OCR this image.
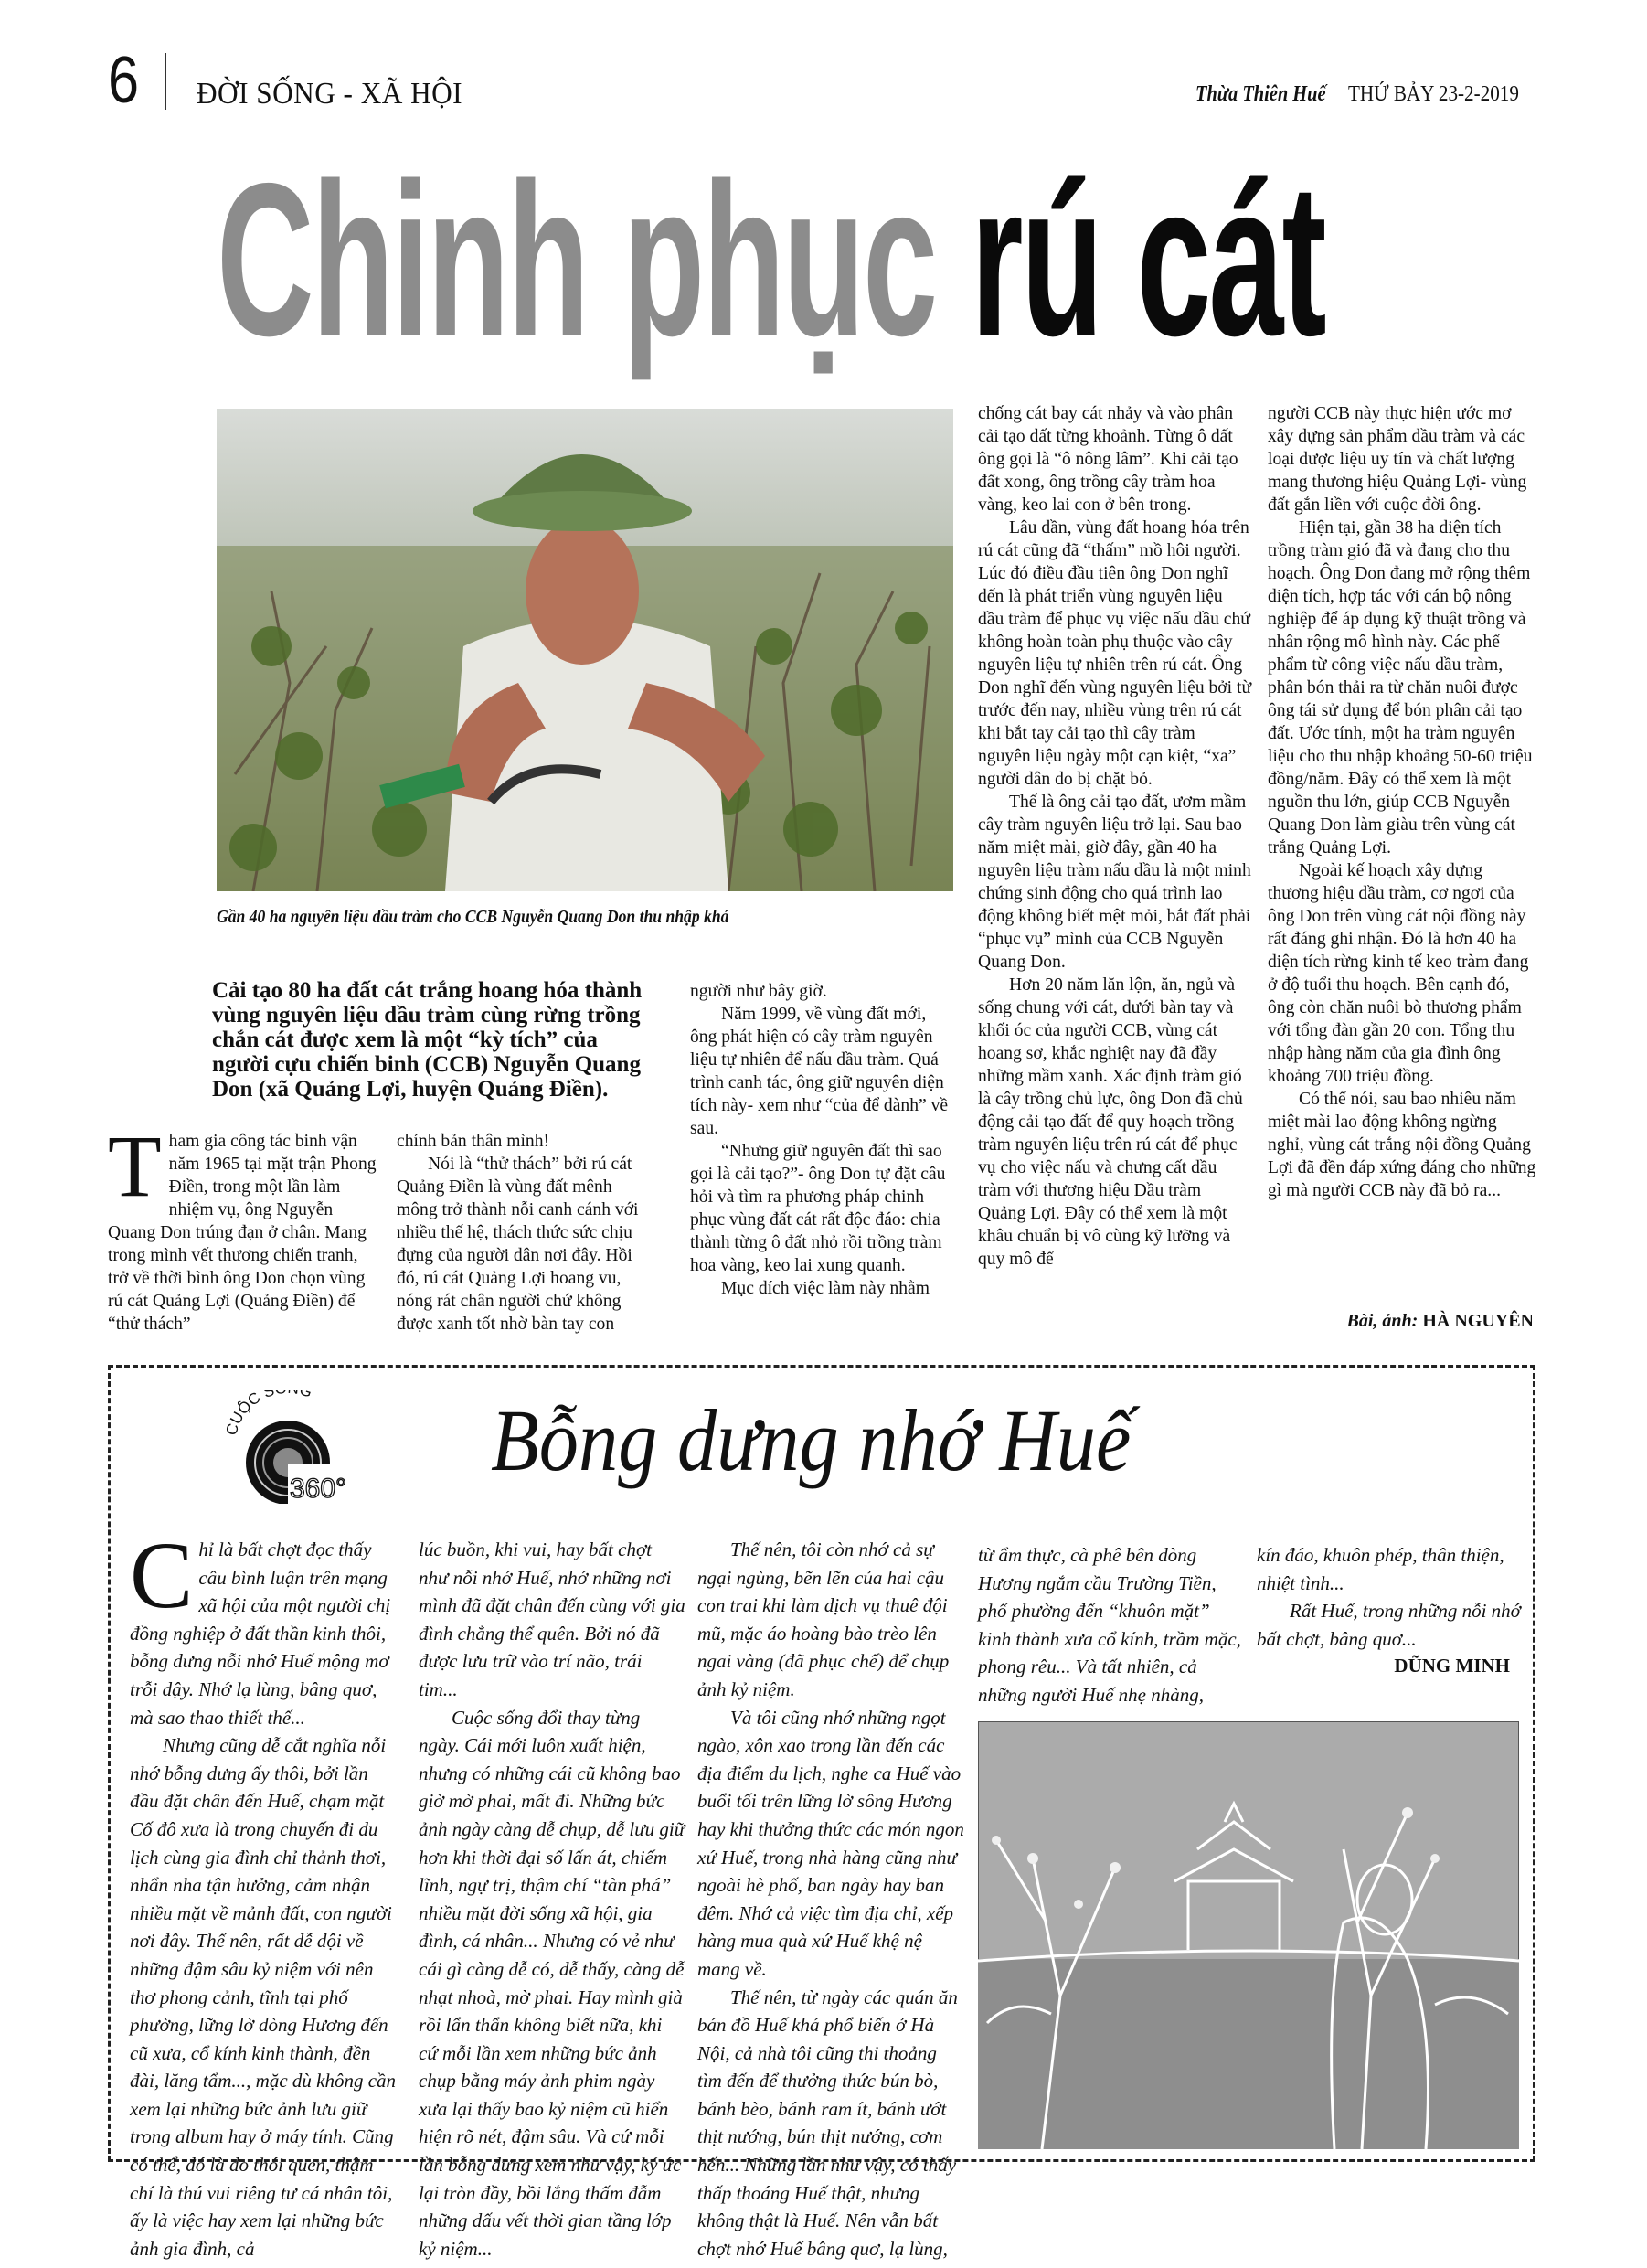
6 ĐỜI SỐNG - XÃ HỘI	Thừa Thiên Huế THỨ BẢY 23-2-2019
Chinh phục rú cát
Gần 40 ha nguyên liệu dầu tràm cho CCB Nguyễn Quang Don thu nhập khá
Cải tạo 80 ha đất cát trắng hoang hóa thành vùng nguyên liệu dầu tràm cùng rừng trồng chắn cát được xem là một “kỳ tích” của người cựu chiến binh (CCB) Nguyễn Quang Don (xã Quảng Lợi, huyện Quảng Điền).
T ham gia công tác binh vận năm 1965 tại mặt trận Phong Điền, trong một lần làm nhiệm vụ, ông Nguyễn Quang Don trúng đạn ở chân. Mang trong mình vết thương chiến tranh, trở về thời bình ông Don chọn vùng rú cát Quảng Lợi (Quảng Điền) để “thử thách”

chính bản thân mình!

Nói là “thử thách” bởi rú cát Quảng Điền là vùng đất mênh mông trở thành nỗi canh cánh với nhiều thế hệ, thách thức sức chịu đựng của người dân nơi đây. Hồi đó, rú cát Quảng Lợi hoang vu, nóng rát chân người chứ không được xanh tốt nhờ bàn tay con

người như bây giờ.

Năm 1999, về vùng đất mới, ông phát hiện có cây tràm nguyên liệu tự nhiên để nấu dầu tràm. Quá trình canh tác, ông giữ nguyên diện tích này- xem như “của để dành” về sau.

“Nhưng giữ nguyên đất thì sao gọi là cải tạo?”- ông Don tự đặt câu hỏi và tìm ra phương pháp chinh phục vùng đất cát rất độc đáo: chia thành từng ô đất nhỏ rồi trồng tràm hoa vàng, keo lai xung quanh.

Mục đích việc làm này nhằm

chống cát bay cát nhảy và vào phân cải tạo đất từng khoảnh. Từng ô đất ông gọi là “ô nông lâm”. Khi cải tạo đất xong, ông trồng cây tràm hoa vàng, keo lai con ở bên trong.

Lâu dần, vùng đất hoang hóa trên rú cát cũng đã “thấm” mồ hôi người. Lúc đó điều đầu tiên ông Don nghĩ đến là phát triển vùng nguyên liệu dầu tràm để phục vụ việc nấu dầu chứ không hoàn toàn phụ thuộc vào cây nguyên liệu tự nhiên trên rú cát. Ông Don nghĩ đến vùng nguyên liệu bởi từ trước đến nay, nhiều vùng trên rú cát khi bắt tay cải tạo thì cây tràm nguyên liệu ngày một cạn kiệt, “xa” người dân do bị chặt bỏ.

Thế là ông cải tạo đất, ươm mầm cây tràm nguyên liệu trở lại. Sau bao năm miệt mài, giờ đây, gần 40 ha nguyên liệu tràm nấu dầu là một minh chứng sinh động cho quá trình lao động không biết mệt mỏi, bắt đất phải “phục vụ” mình của CCB Nguyễn Quang Don.

Hơn 20 năm lăn lộn, ăn, ngủ và sống chung với cát, dưới bàn tay và khối óc của người CCB, vùng cát hoang sơ, khắc nghiệt nay đã đầy những mầm xanh. Xác định tràm gió là cây trồng chủ lực, ông Don đã chủ động cải tạo đất để quy hoạch trồng tràm nguyên liệu trên rú cát để phục vụ cho việc nấu và chưng cất dầu tràm với thương hiệu Dầu tràm Quảng Lợi. Đây có thể xem là một khâu chuẩn bị vô cùng kỹ lưỡng và quy mô để

người CCB này thực hiện ước mơ xây dựng sản phẩm dầu tràm và các loại dược liệu uy tín và chất lượng mang thương hiệu Quảng Lợi- vùng đất gắn liền với cuộc đời ông.

Hiện tại, gần 38 ha diện tích trồng tràm gió đã và đang cho thu hoạch. Ông Don đang mở rộng thêm diện tích, hợp tác với cán bộ nông nghiệp để áp dụng kỹ thuật trồng và nhân rộng mô hình này. Các phế phẩm từ công việc nấu dầu tràm, phân bón thải ra từ chăn nuôi được ông tái sử dụng để bón phân cải tạo đất. Ước tính, một ha tràm nguyên liệu cho thu nhập khoảng 50-60 triệu đồng/năm. Đây có thể xem là một nguồn thu lớn, giúp CCB Nguyễn Quang Don làm giàu trên vùng cát trắng Quảng Lợi.

Ngoài kế hoạch xây dựng thương hiệu dầu tràm, cơ ngơi của ông Don trên vùng cát nội đồng này rất đáng ghi nhận. Đó là hơn 40 ha diện tích rừng kinh tế keo tràm đang ở độ tuổi thu hoạch. Bên cạnh đó, ông còn chăn nuôi bò thương phẩm với tổng đàn gần 20 con. Tổng thu nhập hàng năm của gia đình ông khoảng 700 triệu đồng.

Có thể nói, sau bao nhiêu năm miệt mài lao động không ngừng nghỉ, vùng cát trắng nội đồng Quảng Lợi đã đền đáp xứng đáng cho những gì mà người CCB này đã bỏ ra...

Bài, ảnh: HÀ NGUYÊN
CUỘC S G
360° Bỗng dưng nhớ Huế
C hỉ là bất chợt đọc thấy câu bình luận trên mạng xã hội của một người chị đồng nghiệp ở đất thần kinh thôi, bỗng dưng nỗi nhớ Huế mộng mơ trỗi dậy. Nhớ lạ lùng, bâng quơ, mà sao thao thiết thế...

Nhưng cũng dễ cắt nghĩa nỗi nhớ bỗng dưng ấy thôi, bởi lần đầu đặt chân đến Huế, chạm mặt Cố đô xưa là trong chuyến đi du lịch cùng gia đình chỉ thảnh thơi, nhẩn nha tận hưởng, cảm nhận nhiều mặt về mảnh đất, con người nơi đây. Thế nên, rất dễ dội về những đậm sâu kỷ niệm với nên thơ phong cảnh, tĩnh tại phố phường, lững lờ dòng Hương đến cũ xưa, cổ kính kinh thành, đền đài, lăng tẩm..., mặc dù không cần xem lại những bức ảnh lưu giữ trong album hay ở máy tính. Cũng có thể, đó là do thói quen, thậm chí là thú vui riêng tư cá nhân tôi, ấy là việc hay xem lại những bức ảnh gia đình, cả

lúc buồn, khi vui, hay bất chợt như nỗi nhớ Huế, nhớ những nơi mình đã đặt chân đến cùng với gia đình chẳng thể quên. Bởi nó đã được lưu trữ vào trí não, trái tim...

Cuộc sống đổi thay từng ngày. Cái mới luôn xuất hiện, nhưng có những cái cũ không bao giờ mờ phai, mất đi. Những bức ảnh ngày càng dễ chụp, dễ lưu giữ hơn khi thời đại số lấn át, chiếm lĩnh, ngự trị, thậm chí “tàn phá” nhiều mặt đời sống xã hội, gia đình, cá nhân... Nhưng có vẻ như cái gì càng dễ có, dễ thấy, càng dễ nhạt nhoà, mờ phai. Hay mình già rồi lẩn thẩn không biết nữa, khi cứ mỗi lần xem những bức ảnh chụp bằng máy ảnh phim ngày xưa lại thấy bao kỷ niệm cũ hiển hiện rõ nét, đậm sâu. Và cứ mỗi lần bỗng dưng xem như vậy, ký ức lại tròn đầy, bồi lắng thấm đẫm những dấu vết thời gian tầng lớp kỷ niệm...

Thế nên, tôi còn nhớ cả sự ngại ngùng, bẽn lẽn của hai cậu con trai khi làm dịch vụ thuê đội mũ, mặc áo hoàng bào trèo lên ngai vàng (đã phục chế) để chụp ảnh kỷ niệm.

Và tôi cũng nhớ những ngọt ngào, xôn xao trong lần đến các địa điểm du lịch, nghe ca Huế vào buổi tối trên lững lờ sông Hương hay khi thưởng thức các món ngon xứ Huế, trong nhà hàng cũng như ngoài hè phố, ban ngày hay ban đêm. Nhớ cả việc tìm địa chỉ, xếp hàng mua quà xứ Huế khệ nệ mang về.

Thế nên, từ ngày các quán ăn bán đồ Huế khá phổ biến ở Hà Nội, cả nhà tôi cũng thi thoảng tìm đến để thưởng thức bún bò, bánh bèo, bánh ram ít, bánh ướt thịt nướng, bún thịt nướng, cơm hến... Những lần như vậy, có thấy thấp thoáng Huế thật, nhưng không thật là Huế. Nên vẫn bất chợt nhớ Huế bâng quơ, lạ lùng,

từ ẩm thực, cà phê bên dòng Hương ngắm cầu Trường Tiền, phố phường đến “khuôn mặt” kinh thành xưa cổ kính, trầm mặc, phong rêu... Và tất nhiên, cả những người Huế nhẹ nhàng,

kín đáo, khuôn phép, thân thiện, nhiệt tình...

Rất Huế, trong những nỗi nhớ bất chợt, bâng quơ...

DŨNG MINH
